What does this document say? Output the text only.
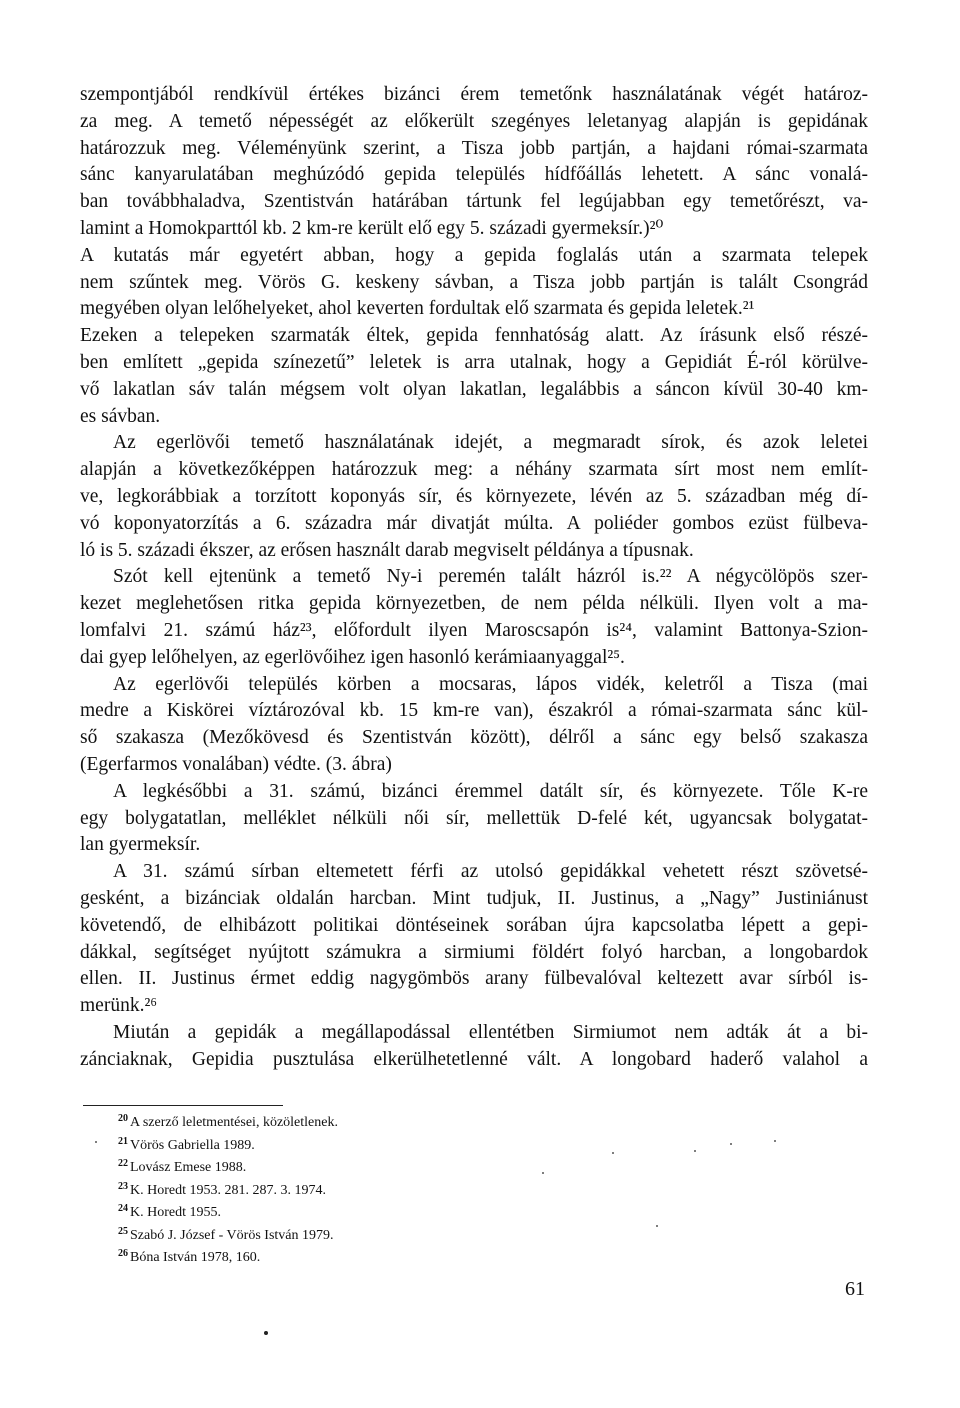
szempontjából rendkívül értékes bizánci érem temetőnk használatának végét határoz-
za meg. A temető népességét az előkerült szegényes leletanyag alapján is gepidának
határozzuk meg. Véleményünk szerint, a Tisza jobb partján, a hajdani római-szarmata
sánc kanyarulatában meghúzódó gepida település hídfőállás lehetett. A sánc vonalá-
ban továbbhaladva, Szentistván határában tártunk fel legújabban egy temetőrészt, va-
lamint a Homokparttól kb. 2 km-re került elő egy 5. századi gyermeksír.)²⁰
A kutatás már egyetért abban, hogy a gepida foglalás után a szarmata telepek
nem szűntek meg. Vörös G. keskeny sávban, a Tisza jobb partján is talált Csongrád
megyében olyan lelőhelyeket, ahol keverten fordultak elő szarmata és gepida leletek.²¹
Ezeken a telepeken szarmaták éltek, gepida fennhatóság alatt. Az írásunk első részé-
ben említett „gepida színezetű” leletek is arra utalnak, hogy a Gepidiát É-ról körülve-
vő lakatlan sáv talán mégsem volt olyan lakatlan, legalábbis a sáncon kívül 30-40 km-
es sávban.
Az egerlövői temető használatának idejét, a megmaradt sírok, és azok leletei
alapján a következőképpen határozzuk meg: a néhány szarmata sírt most nem említ-
ve, legkorábbiak a torzított koponyás sír, és környezete, lévén az 5. században még dí-
vó koponyatorzítás a 6. századra már divatját múlta. A poliéder gombos ezüst fülbeva-
ló is 5. századi ékszer, az erősen használt darab megviselt példánya a típusnak.
Szót kell ejtenünk a temető Ny-i peremén talált házról is.²² A négycölöpös szer-
kezet meglehetősen ritka gepida környezetben, de nem példa nélküli. Ilyen volt a ma-
lomfalvi 21. számú ház²³, előfordult ilyen Maroscsapón is²⁴, valamint Battonya-Szion-
dai gyep lelőhelyen, az egerlövőihez igen hasonló kerámiaanyaggal²⁵.
Az egerlövői település körben a mocsaras, lápos vidék, keletről a Tisza (mai
medre a Kiskörei víztározóval kb. 15 km-re van), északról a római-szarmata sánc kül-
ső szakasza (Mezőkövesd és Szentistván között), délről a sánc egy belső szakasza
(Egerfarmos vonalában) védte. (3. ábra)
A legkésőbbi a 31. számú, bizánci éremmel datált sír, és környezete. Tőle K-re
egy bolygatatlan, melléklet nélküli női sír, mellettük D-felé két, ugyancsak bolygatat-
lan gyermeksír.
A 31. számú sírban eltemetett férfi az utolsó gepidákkal vehetett részt szövetsé-
gesként, a bizánciak oldalán harcban. Mint tudjuk, II. Justinus, a „Nagy” Justiniánust
követendő, de elhibázott politikai döntéseinek sorában újra kapcsolatba lépett a gepi-
dákkal, segítséget nyújtott számukra a sirmiumi földért folyó harcban, a longobardok
ellen. II. Justinus érmet eddig nagygömbös arany fülbevalóval keltezett avar sírból is-
merünk.²⁶
Miután a gepidák a megállapodással ellentétben Sirmiumot nem adták át a bi-
zánciaknak, Gepidia pusztulása elkerülhetetlenné vált. A longobard haderő valahol a
$^{20}$ A szerző leletmentései, közöletlenek.
$^{21}$ Vörös Gabriella 1989.
$^{22}$ Lovász Emese 1988.
$^{23}$ K. Horedt 1953. 281. 287. 3. 1974.
$^{24}$ K. Horedt 1955.
$^{25}$ Szabó J. József - Vörös István 1979.
$^{26}$ Bóna István 1978, 160.
61
